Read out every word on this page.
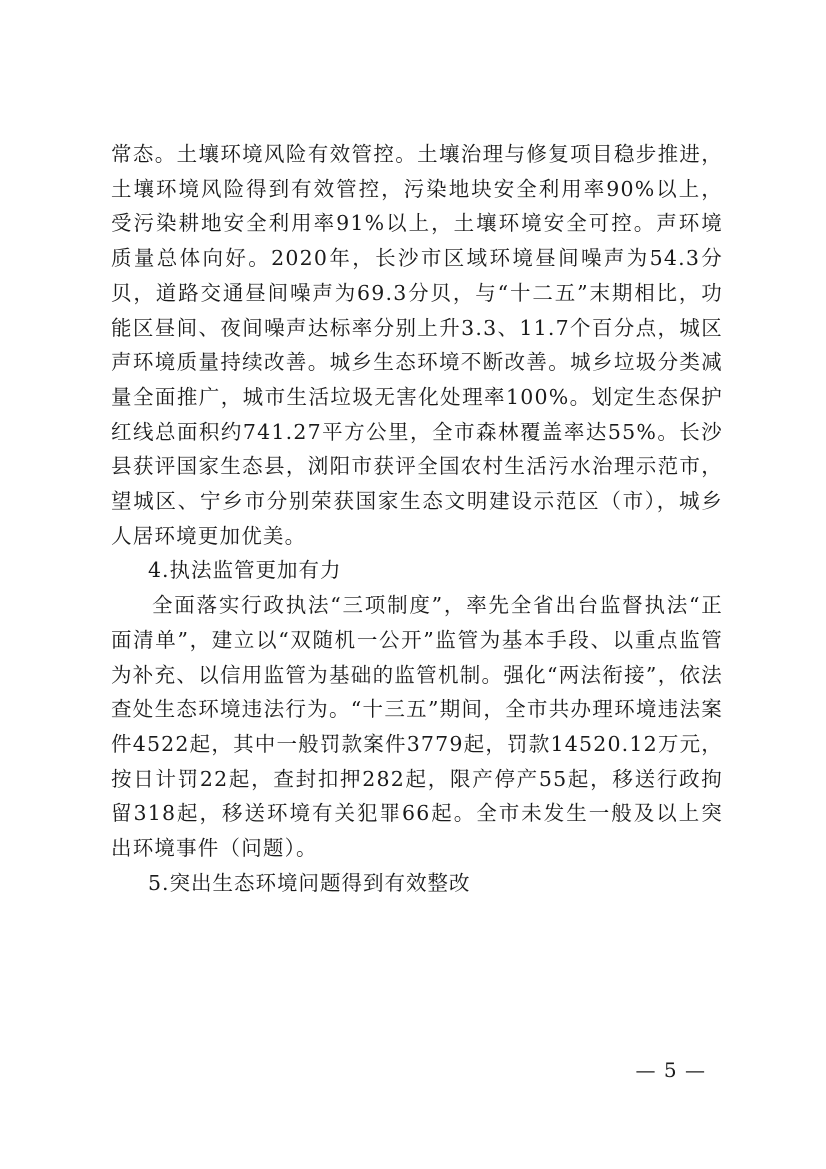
常态。土壤环境风险有效管控。土壤治理与修复项目稳步推进，土壤环境风险得到有效管控，污染地块安全利用率90%以上，受污染耕地安全利用率91%以上，土壤环境安全可控。声环境质量总体向好。2020年，长沙市区域环境昼间噪声为54.3分贝，道路交通昼间噪声为69.3分贝，与“十二五”末期相比，功能区昼间、夜间噪声达标率分别上升3.3、11.7个百分点，城区声环境质量持续改善。城乡生态环境不断改善。城乡垃圾分类减量全面推广，城市生活垃圾无害化处理率100%。划定生态保护红线总面积约741.27平方公里，全市森林覆盖率达55%。长沙县获评国家生态县，浏阳市获评全国农村生活污水治理示范市，望城区、宁乡市分别荣获国家生态文明建设示范区（市），城乡人居环境更加优美。

4.执法监管更加有力

全面落实行政执法“三项制度”，率先全省出台监督执法“正面清单”，建立以“双随机一公开”监管为基本手段、以重点监管为补充、以信用监管为基础的监管机制。强化“两法衔接”，依法查处生态环境违法行为。“十三五”期间，全市共办理环境违法案件4522起，其中一般罚款案件3779起，罚款14520.12万元，按日计罚22起，查封扣押282起，限产停产55起，移送行政拘留318起，移送环境有关犯罪66起。全市未发生一般及以上突出环境事件（问题）。

5.突出生态环境问题得到有效整改

— 5 —
